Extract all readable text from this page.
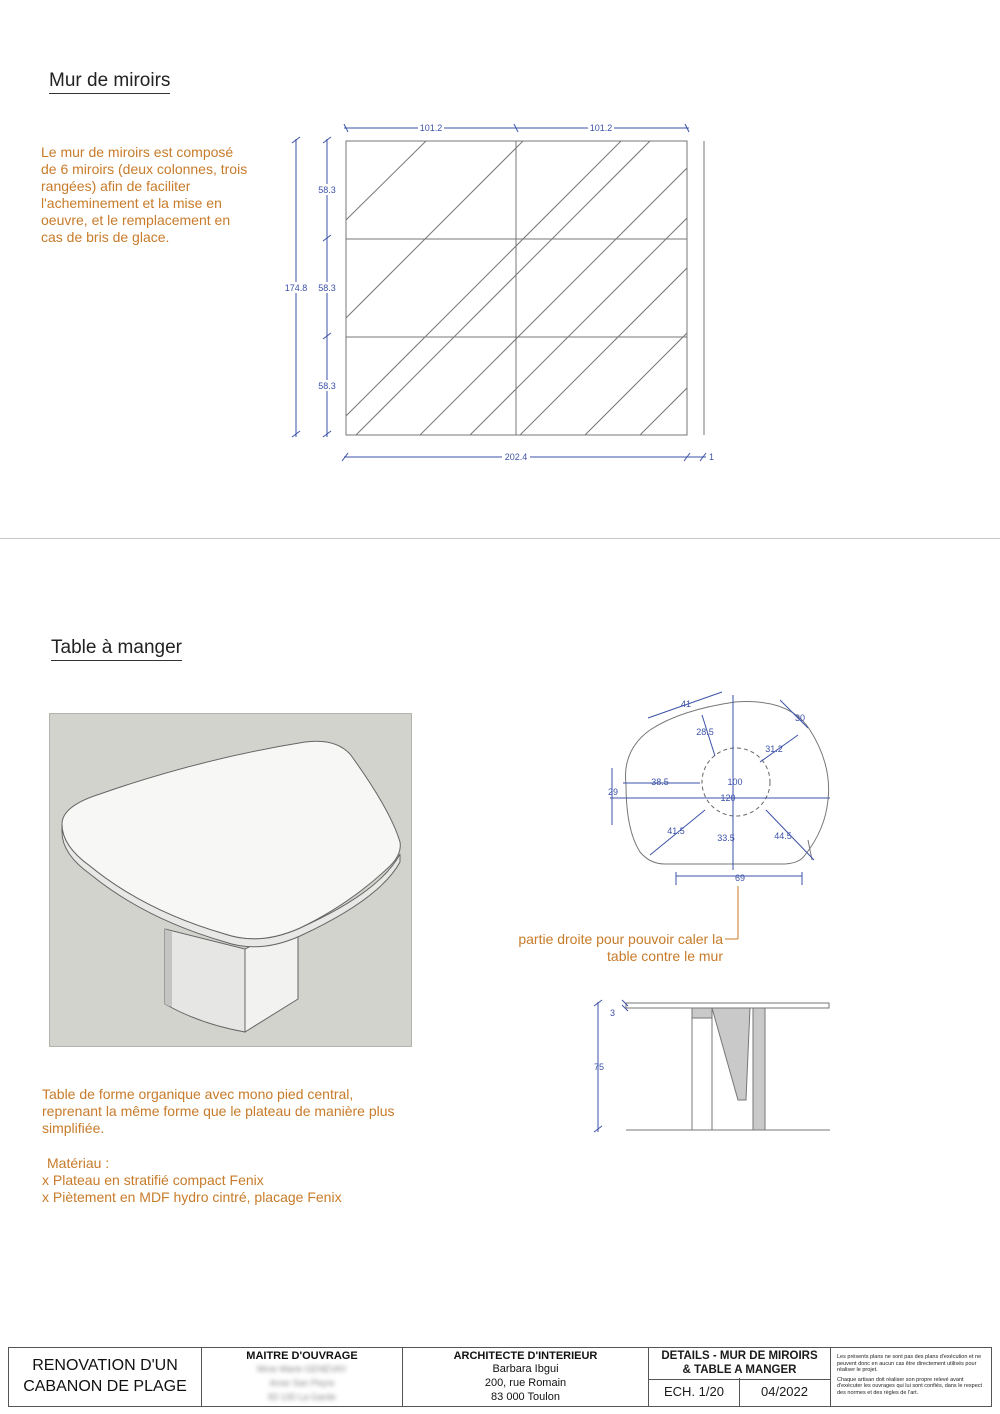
Mur de miroirs
Le mur de miroirs est composé
de 6 miroirs (deux colonnes, trois
rangées) afin de faciliter
l'acheminement et la mise en
oeuvre, et le remplacement en
cas de bris de glace.
101.2	101.2
58.3
58.3
58.3
174.8
202.4	1
Table à manger
41
30
28.5
31.2
38.5	100
29
120
41.5
33.5	44.5
69
3
75
partie droite pour pouvoir caler la
table contre le mur
Table de forme organique avec mono pied central,
reprenant la même forme que le plateau de manière plus
simplifiée.
Matériau :
x Plateau en stratifié compact Fenix
x Piètement en MDF hydro cintré, placage Fenix
RENOVATION D'UN
CABANON DE PLAGE
MAITRE D'OUVRAGE
Mme Marie GENEVAY
Anse San Peyre
83 130 La Garde
ARCHITECTE D'INTERIEUR
Barbara Ibgui
200, rue Romain
83 000 Toulon
DETAILS - MUR DE MIROIRS
& TABLE A MANGER
ECH. 1/20	04/2022
Les présents plans ne sont pas des plans d'exécution et ne peuvent donc en aucun cas être directement utilisés pour réaliser le projet.
Chaque artisan doit réaliser son propre relevé avant d'exécuter les ouvrages qui lui sont confiés, dans le respect des normes et des règles de l'art.
